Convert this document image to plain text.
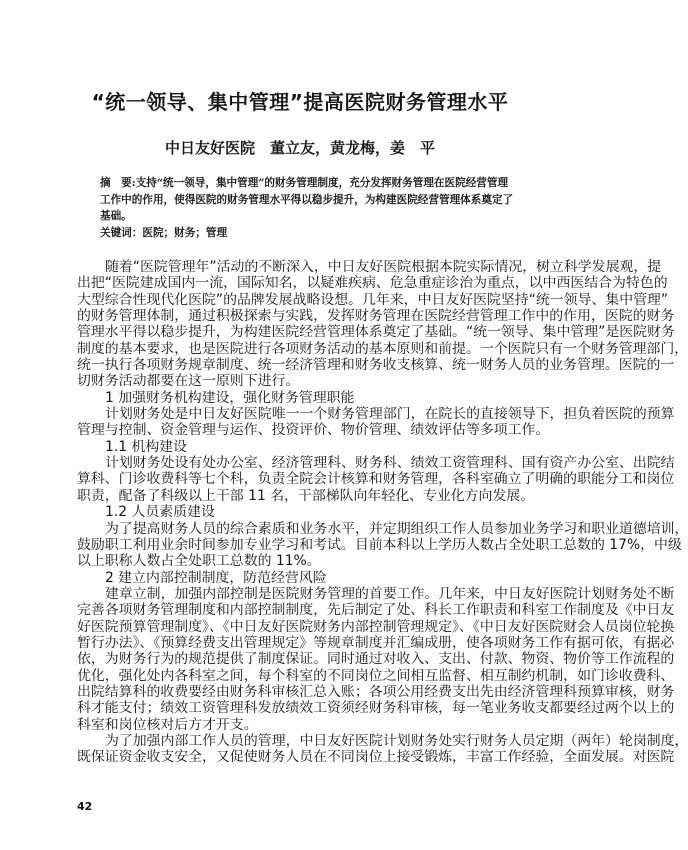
“统一领导、集中管理”提高医院财务管理水平
中日友好医院　董立友，黄龙梅，姜　平
摘　要:支持“统一领导，集中管理”的财务管理制度，充分发挥财务管理在医院经营管理
工作中的作用，使得医院的财务管理水平得以稳步提升，为构建医院经营管理体系奠定了
基础。
关键词：医院；财务；管理
随着“医院管理年”活动的不断深入，中日友好医院根据本院实际情况，树立科学发展观，提
出把“医院建成国内一流，国际知名，以疑难疾病、危急重症诊治为重点，以中西医结合为特色的
大型综合性现代化医院”的品牌发展战略设想。几年来，中日友好医院坚持“统一领导、集中管理”
的财务管理体制，通过积极探索与实践，发挥财务管理在医院经营管理工作中的作用，医院的财务
管理水平得以稳步提升，为构建医院经营管理体系奠定了基础。“统一领导、集中管理”是医院财务
制度的基本要求，也是医院进行各项财务活动的基本原则和前提。一个医院只有一个财务管理部门，
统一执行各项财务规章制度、统一经济管理和财务收支核算、统一财务人员的业务管理。医院的一
切财务活动都要在这一原则下进行。
1 加强财务机构建设，强化财务管理职能
计划财务处是中日友好医院唯一一个财务管理部门，在院长的直接领导下，担负着医院的预算
管理与控制、资金管理与运作、投资评价、物价管理、绩效评估等多项工作。
1.1 机构建设
计划财务处设有处办公室、经济管理科、财务科、绩效工资管理科、国有资产办公室、出院结
算科、门诊收费科等七个科，负责全院会计核算和财务管理，各科室确立了明确的职能分工和岗位
职责，配备了科级以上干部 11 名，干部梯队向年轻化、专业化方向发展。
1.2 人员素质建设
为了提高财务人员的综合素质和业务水平，并定期组织工作人员参加业务学习和职业道德培训，
鼓励职工利用业余时间参加专业学习和考试。目前本科以上学历人数占全处职工总数的 17%，中级
以上职称人数占全处职工总数的 11%。
2 建立内部控制制度，防范经营风险
建章立制，加强内部控制是医院财务管理的首要工作。几年来，中日友好医院计划财务处不断
完善各项财务管理制度和内部控制制度，先后制定了处、科长工作职责和科室工作制度及《中日友
好医院预算管理制度》、《中日友好医院财务内部控制管理规定》、《中日友好医院财会人员岗位轮换
暂行办法》、《预算经费支出管理规定》等规章制度并汇编成册，使各项财务工作有据可依，有据必
依，为财务行为的规范提供了制度保证。同时通过对收入、支出、付款、物资、物价等工作流程的
优化，强化处内各科室之间，每个科室的不同岗位之间相互监督、相互制约机制，如门诊收费科、
出院结算科的收费要经由财务科审核汇总入账；各项公用经费支出先由经济管理科预算审核，财务
科才能支付；绩效工资管理科发放绩效工资须经财务科审核，每一笔业务收支都要经过两个以上的
科室和岗位核对后方才开支。
为了加强内部工作人员的管理，中日友好医院计划财务处实行财务人员定期（两年）轮岗制度，
既保证资金收支安全，又促使财务人员在不同岗位上接受锻炼，丰富工作经验，全面发展。对医院
42
